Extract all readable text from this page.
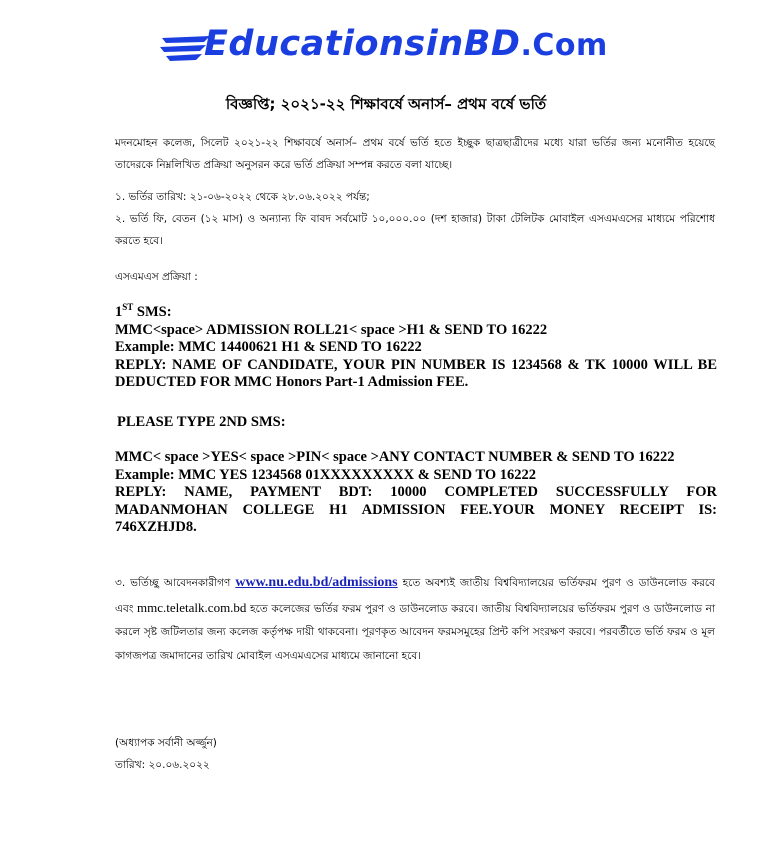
EducationsinBD.Com
বিজ্ঞপ্তি; ২০২১-২২ শিক্ষাবর্ষে অনার্স– প্রথম বর্ষে ভর্তি
মদনমোহন কলেজ, সিলেট ২০২১-২২ শিক্ষাবর্ষে অনার্স– প্রথম বর্ষে ভর্তি হতে ইচ্ছুক ছাত্রছাত্রীদের মধ্যে যারা ভর্তির জন্য মনোনীত হয়েছে তাদেরকে নিম্নলিখিত প্রক্রিয়া অনুসরন করে ভর্তি প্রক্রিয়া সম্পন্ন করতে বলা যাচ্ছে।
১. ভর্তির তারিখ: ২১-০৬-২০২২ থেকে ২৮.০৬.২০২২ পর্যন্ত;
২. ভর্তি ফি, বেতন (১২ মাস) ও অন্যান্য ফি বাবদ সর্বমোট ১০,০০০.০০ (দশ হাজার) টাকা টেলিটক মোবাইল এসএমএসের মাধ্যমে পরিশোধ করতে হবে।
এসএমএস প্রক্রিয়া :
1ST SMS:
MMC<space> ADMISSION ROLL21< space >H1 & SEND TO 16222
Example: MMC 14400621 H1 & SEND TO 16222
REPLY: NAME OF CANDIDATE, YOUR PIN NUMBER IS 1234568 & TK 10000 WILL BE DEDUCTED FOR MMC Honors Part-1 Admission FEE.
PLEASE TYPE 2ND SMS:
MMC< space >YES< space >PIN< space >ANY CONTACT NUMBER & SEND TO 16222
Example: MMC YES 1234568 01XXXXXXXXX & SEND TO 16222
REPLY: NAME, PAYMENT BDT: 10000 COMPLETED SUCCESSFULLY FOR MADANMOHAN COLLEGE H1 ADMISSION FEE.YOUR MONEY RECEIPT IS: 746XZHJD8.
৩. ভর্তিচ্ছু আবেদনকারীগণ www.nu.edu.bd/admissions হতে অবশ্যই জাতীয় বিশ্ববিদ্যালয়ের ভর্তিফরম পুরণ ও ডাউনলোড করবে এবং mmc.teletalk.com.bd হতে কলেজের ভর্তির ফরম পুরণ ও ডাউনলোড করবে। জাতীয় বিশ্ববিদ্যালয়ের ভর্তিফরম পুরণ ও ডাউনলোড না করলে সৃষ্ট জটিলতার জন্য কলেজ কর্তৃপক্ষ দায়ী থাকবেনা। পূরণকৃত আবেদন ফরমসমুহের প্রিন্ট কপি সংরক্ষণ করবে। পরবর্তীতে ভর্তি ফরম ও মূল কাগজপত্র জমাদানের তারিখ মোবাইল এসএমএসের মাধ্যমে জানানো হবে।
(অধ্যাপক সর্বানী অর্জ্জুন)
তারিখ: ২০.০৬.২০২২
